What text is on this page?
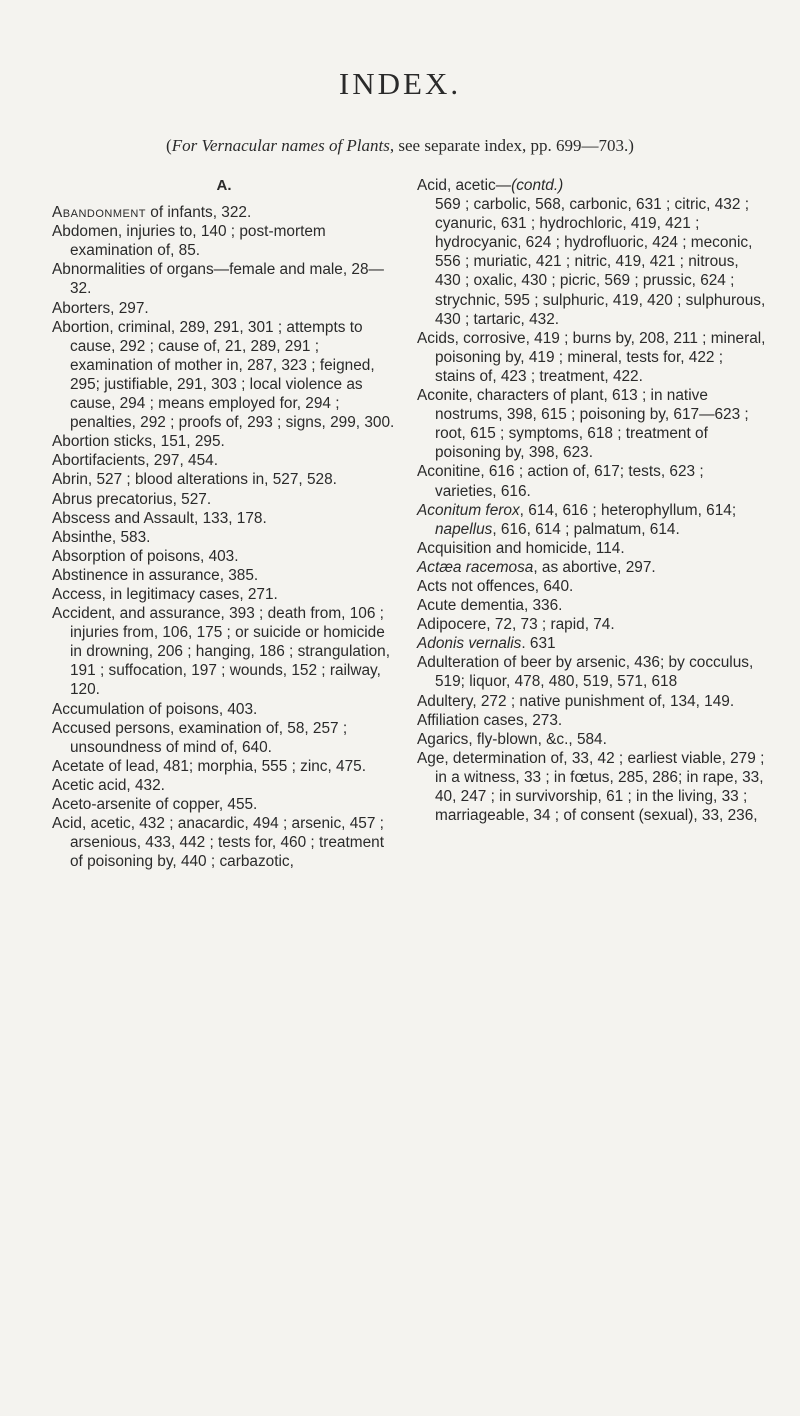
INDEX.
(For Vernacular names of Plants, see separate index, pp. 699—703.)
A.

Abandonment of infants, 322.

Abdomen, injuries to, 140 ; post-mortem examination of, 85.

Abnormalities of organs—female and male, 28—32.

Aborters, 297.

Abortion, criminal, 289, 291, 301 ; attempts to cause, 292 ; cause of, 21, 289, 291 ; examination of mother in, 287, 323 ; feigned, 295; justifiable, 291, 303 ; local violence as cause, 294 ; means employed for, 294 ; penalties, 292 ; proofs of, 293 ; signs, 299, 300.

Abortion sticks, 151, 295.

Abortifacients, 297, 454.

Abrin, 527 ; blood alterations in, 527, 528.

Abrus precatorius, 527.

Abscess and Assault, 133, 178.

Absinthe, 583.

Absorption of poisons, 403.

Abstinence in assurance, 385.

Access, in legitimacy cases, 271.

Accident, and assurance, 393 ; death from, 106 ; injuries from, 106, 175 ; or suicide or homicide in drowning, 206 ; hanging, 186 ; strangulation, 191 ; suffocation, 197 ; wounds, 152 ; railway, 120.

Accumulation of poisons, 403.

Accused persons, examination of, 58, 257 ; unsoundness of mind of, 640.

Acetate of lead, 481; morphia, 555 ; zinc, 475.

Acetic acid, 432.

Aceto-arsenite of copper, 455.

Acid, acetic, 432 ; anacardic, 494 ; arsenic, 457 ; arsenious, 433, 442 ; tests for, 460 ; treatment of poisoning by, 440 ; carbazotic,

Acid, acetic—(contd.)

569 ; carbolic, 568, carbonic, 631 ; citric, 432 ; cyanuric, 631 ; hydrochloric, 419, 421 ; hydrocyanic, 624 ; hydrofluoric, 424 ; meconic, 556 ; muriatic, 421 ; nitric, 419, 421 ; nitrous, 430 ; oxalic, 430 ; picric, 569 ; prussic, 624 ; strychnic, 595 ; sulphuric, 419, 420 ; sulphurous, 430 ; tartaric, 432.

Acids, corrosive, 419 ; burns by, 208, 211 ; mineral, poisoning by, 419 ; mineral, tests for, 422 ; stains of, 423 ; treatment, 422.

Aconite, characters of plant, 613 ; in native nostrums, 398, 615 ; poisoning by, 617—623 ; root, 615 ; symptoms, 618 ; treatment of poisoning by, 398, 623.

Aconitine, 616 ; action of, 617; tests, 623 ; varieties, 616.

Aconitum ferox, 614, 616 ; heterophyllum, 614; napellus, 616, 614 ; palmatum, 614.

Acquisition and homicide, 114.

Actæa racemosa, as abortive, 297.

Acts not offences, 640.

Acute dementia, 336.

Adipocere, 72, 73 ; rapid, 74.

Adonis vernalis. 631

Adulteration of beer by arsenic, 436; by cocculus, 519; liquor, 478, 480, 519, 571, 618

Adultery, 272 ; native punishment of, 134, 149.

Affiliation cases, 273.

Agarics, fly-blown, &c., 584.

Age, determination of, 33, 42 ; earliest viable, 279 ; in a witness, 33 ; in fœtus, 285, 286; in rape, 33, 40, 247 ; in survivorship, 61 ; in the living, 33 ; marriageable, 34 ; of consent (sexual), 33, 236,
